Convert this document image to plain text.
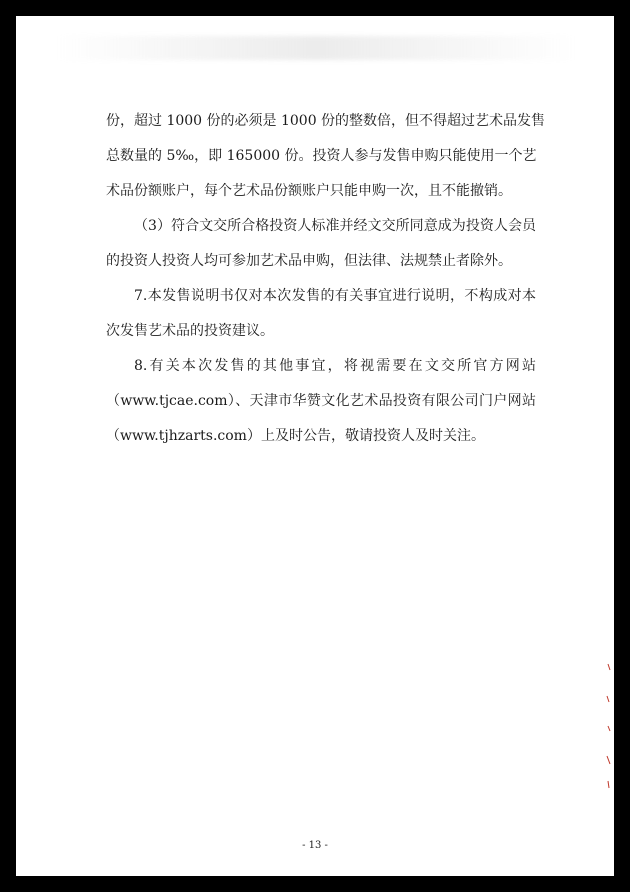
份，超过 1000 份的必须是 1000 份的整数倍，但不得超过艺术品发售
总数量的 5‰，即 165000 份。投资人参与发售申购只能使用一个艺
术品份额账户，每个艺术品份额账户只能申购一次，且不能撤销。
（3）符合文交所合格投资人标准并经文交所同意成为投资人会员
的投资人投资人均可参加艺术品申购，但法律、法规禁止者除外。
7.本发售说明书仅对本次发售的有关事宜进行说明，不构成对本
次发售艺术品的投资建议。
8.有关本次发售的其他事宜，将视需要在文交所官方网站
（www.tjcae.com）、天津市华赞文化艺术品投资有限公司门户网站
（www.tjhzarts.com）上及时公告，敬请投资人及时关注。
- 13 -
